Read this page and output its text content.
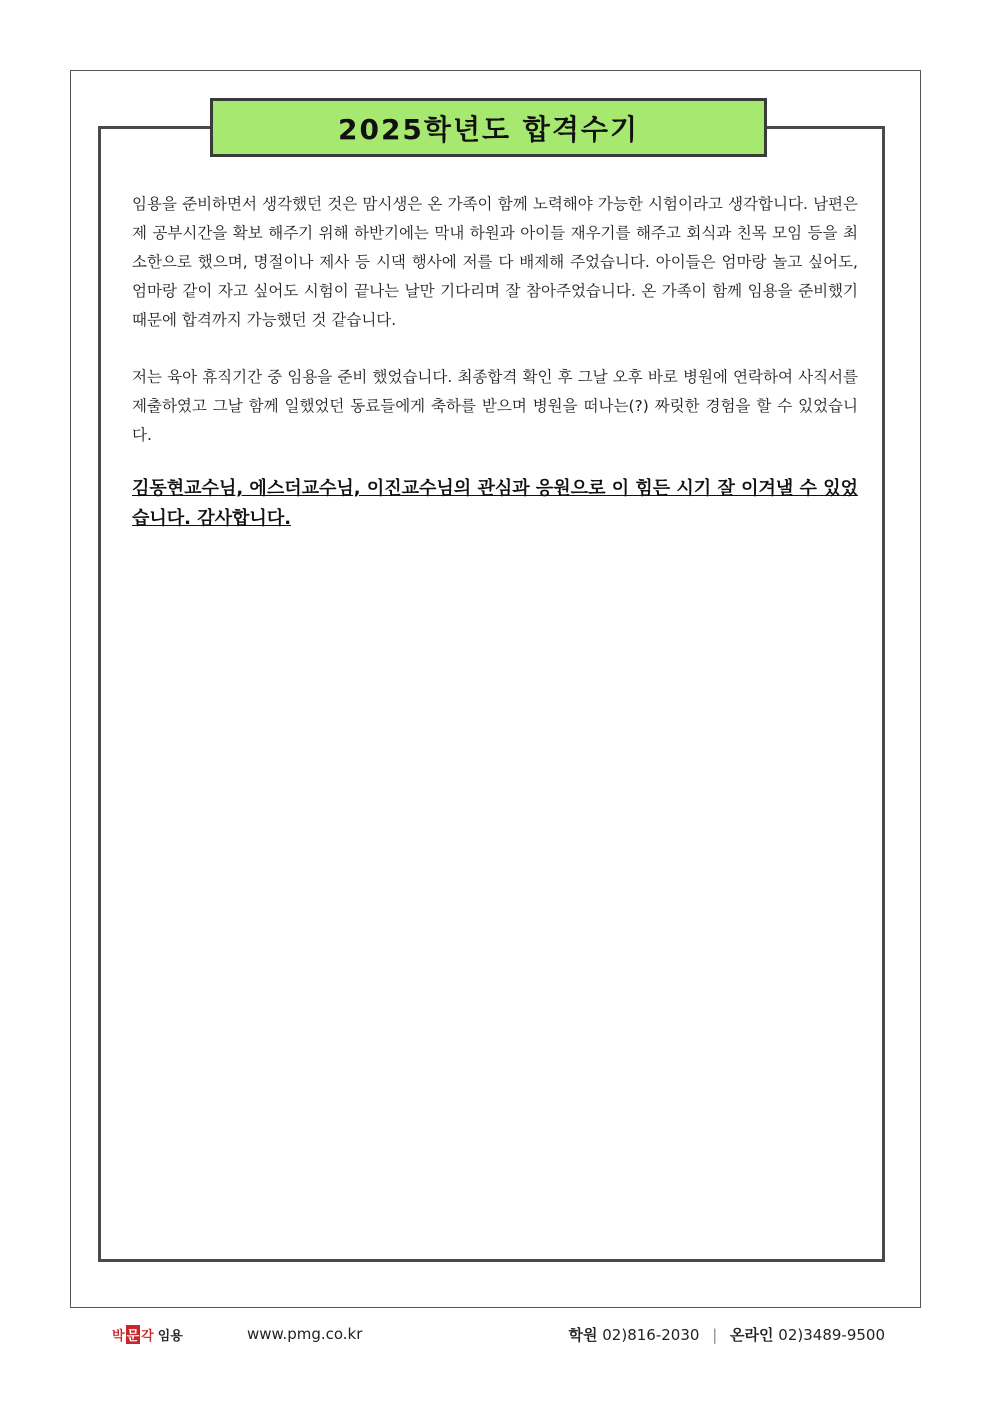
2025학년도 합격수기

임용을 준비하면서 생각했던 것은 맘시생은 온 가족이 함께 노력해야 가능한 시험이라고 생각합니다. 남편은 제 공부시간을 확보 해주기 위해 하반기에는 막내 하원과 아이들 재우기를 해주고 회식과 친목 모임 등을 최소한으로 했으며, 명절이나 제사 등 시댁 행사에 저를 다 배제해 주었습니다. 아이들은 엄마랑 놀고 싶어도, 엄마랑 같이 자고 싶어도 시험이 끝나는 날만 기다리며 잘 참아주었습니다. 온 가족이 함께 임용을 준비했기 때문에 합격까지 가능했던 것 같습니다.

저는 육아 휴직기간 중 임용을 준비 했었습니다. 최종합격 확인 후 그날 오후 바로 병원에 연락하여 사직서를 제출하였고 그날 함께 일했었던 동료들에게 축하를 받으며 병원을 떠나는(?) 짜릿한 경험을 할 수 있었습니다.

김동현교수님, 에스더교수님, 이진교수님의 관심과 응원으로 이 힘든 시기 잘 이겨낼 수 있었습니다. 감사합니다.

박 문 각 임용	www.pmg.co.kr	학원 02)816-2030 | 온라인 02)3489-9500
